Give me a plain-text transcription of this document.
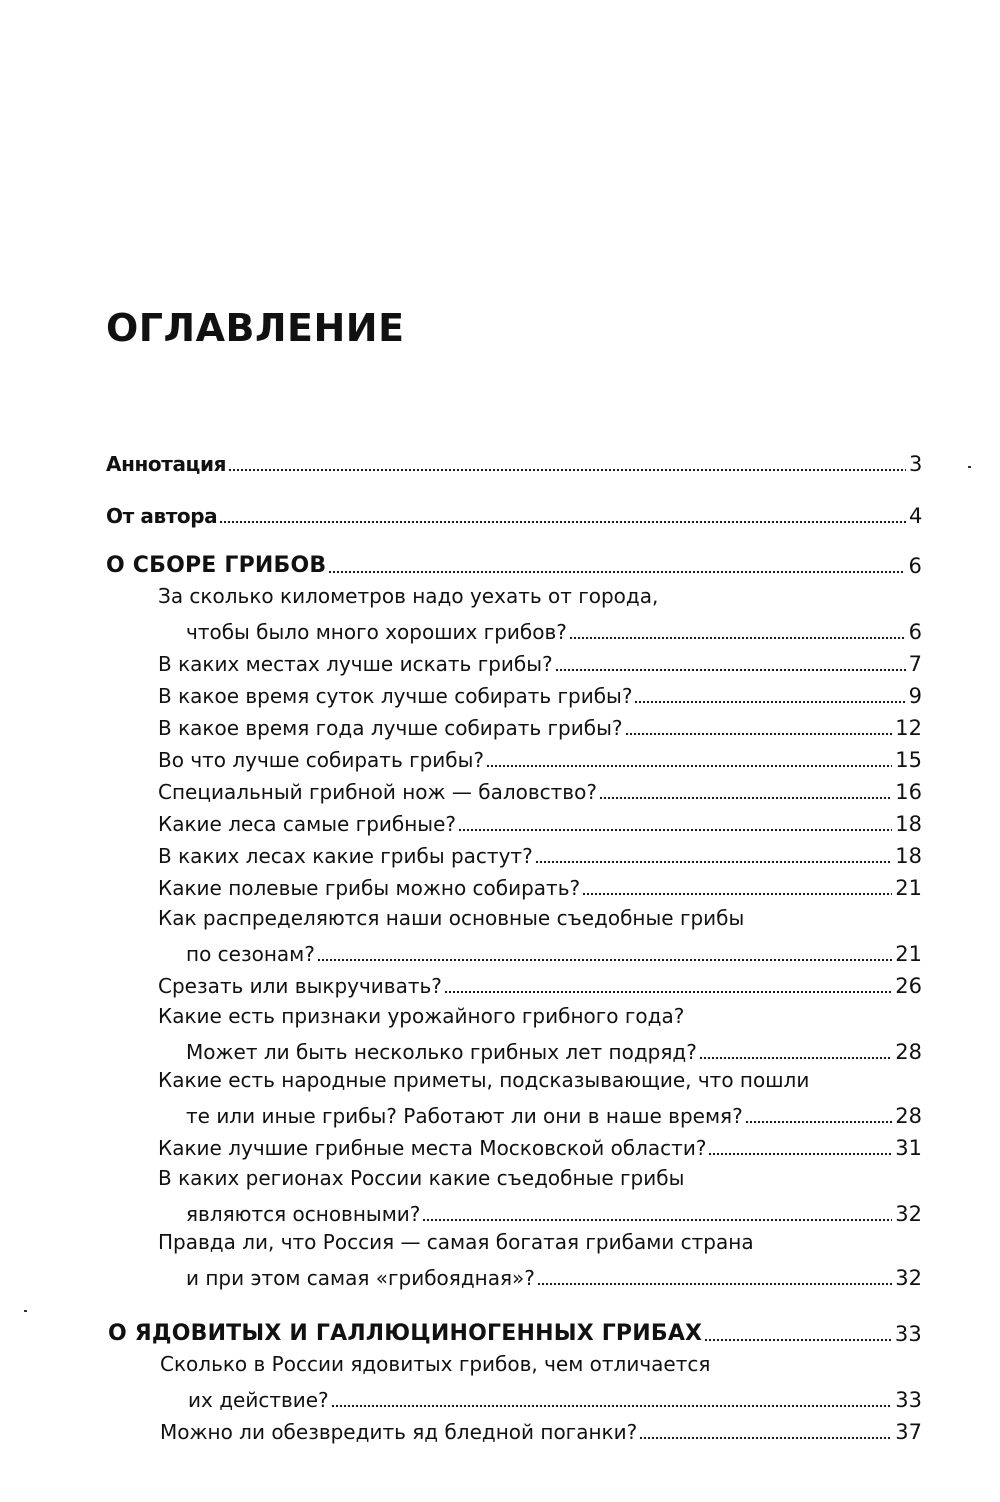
ОГЛАВЛЕНИЕ
Аннотация	3
От автора	4
О СБОРЕ ГРИБОВ	6
За сколько километров надо уехать от города,
чтобы было много хороших грибов?	6
В каких местах лучше искать грибы?	7
В какое время суток лучше собирать грибы?	9
В какое время года лучше собирать грибы?	12
Во что лучше собирать грибы?	15
Специальный грибной нож — баловство?	16
Какие леса самые грибные?	18
В каких лесах какие грибы растут?	18
Какие полевые грибы можно собирать?	21
Как распределяются наши основные съедобные грибы
по сезонам?	21
Срезать или выкручивать?	26
Какие есть признаки урожайного грибного года?
Может ли быть несколько грибных лет подряд?	28
Какие есть народные приметы, подсказывающие, что пошли
те или иные грибы? Работают ли они в наше время?	28
Какие лучшие грибные места Московской области?	31
В каких регионах России какие съедобные грибы
являются основными?	32
Правда ли, что Россия — самая богатая грибами страна
и при этом самая «грибоядная»?	32
О ЯДОВИТЫХ И ГАЛЛЮЦИНОГЕННЫХ ГРИБАХ	33
Сколько в России ядовитых грибов, чем отличается
их действие?	33
Можно ли обезвредить яд бледной поганки?	37
